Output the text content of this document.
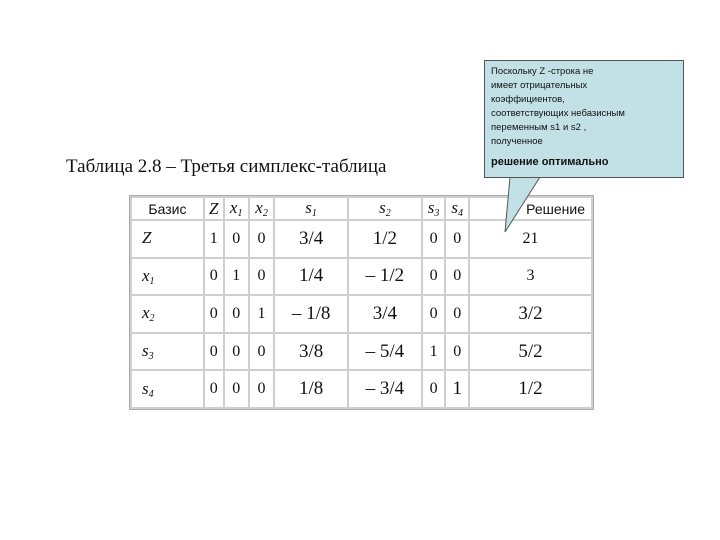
Таблица 2.8 – Третья симплекс-таблица
Базис	Z	$x_1$	$x_2$	$s_1$	$s_2$	$s_3$	$s_4$	Решение
Z	1	0	0	3/4	1/2	0	0	21
$x_1$	0	1	0	1/4	– 1/2	0	0	3
$x_2$	0	0	1	– 1/8	3/4	0	0	3/2
$s_3$	0	0	0	3/8	– 5/4	1	0	5/2
$s_4$	0	0	0	1/8	– 3/4	0	1	1/2
Поскольку Z -строка не
имеет отрицательных
коэффициентов,
соответствующих небазисным
переменным s1 и s2 ,
полученное
решение оптимально
